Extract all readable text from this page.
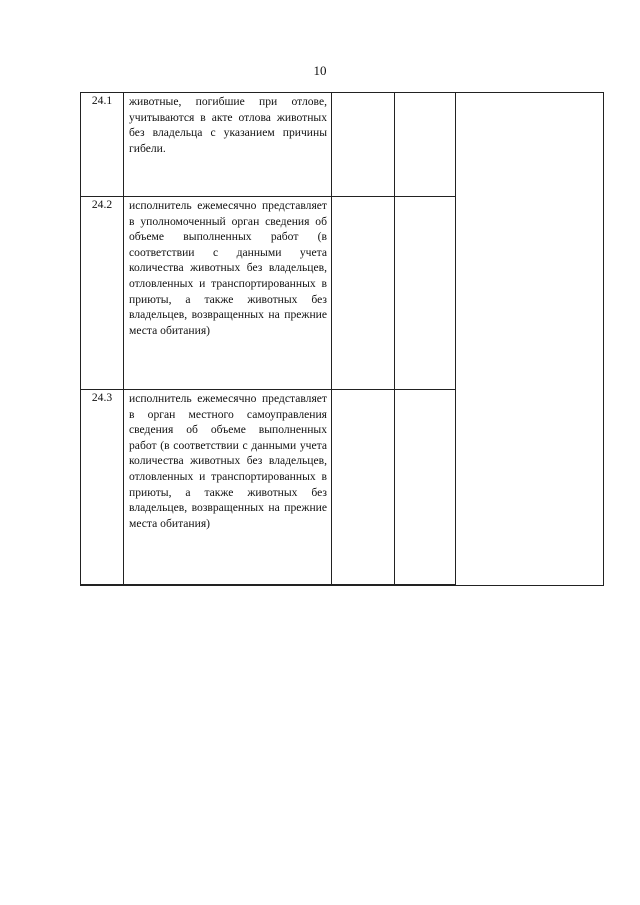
10
24.1	животные, погибшие при отлове, учитываются в акте отлова животных без владельца с указанием причины гибели.			
24.2	исполнитель ежемесячно представляет в уполномоченный орган сведения об объеме выполненных работ (в соответствии с данными учета количества животных без владельцев, отловленных и транспортированных в приюты, а также животных без владельцев, возвращенных на прежние места обитания)			
24.3	исполнитель ежемесячно представляет в орган местного самоуправления сведения об объеме выполненных работ (в соответствии с данными учета количества животных без владельцев, отловленных и транспортированных в приюты, а также животных без владельцев, возвращенных на прежние места обитания)			
